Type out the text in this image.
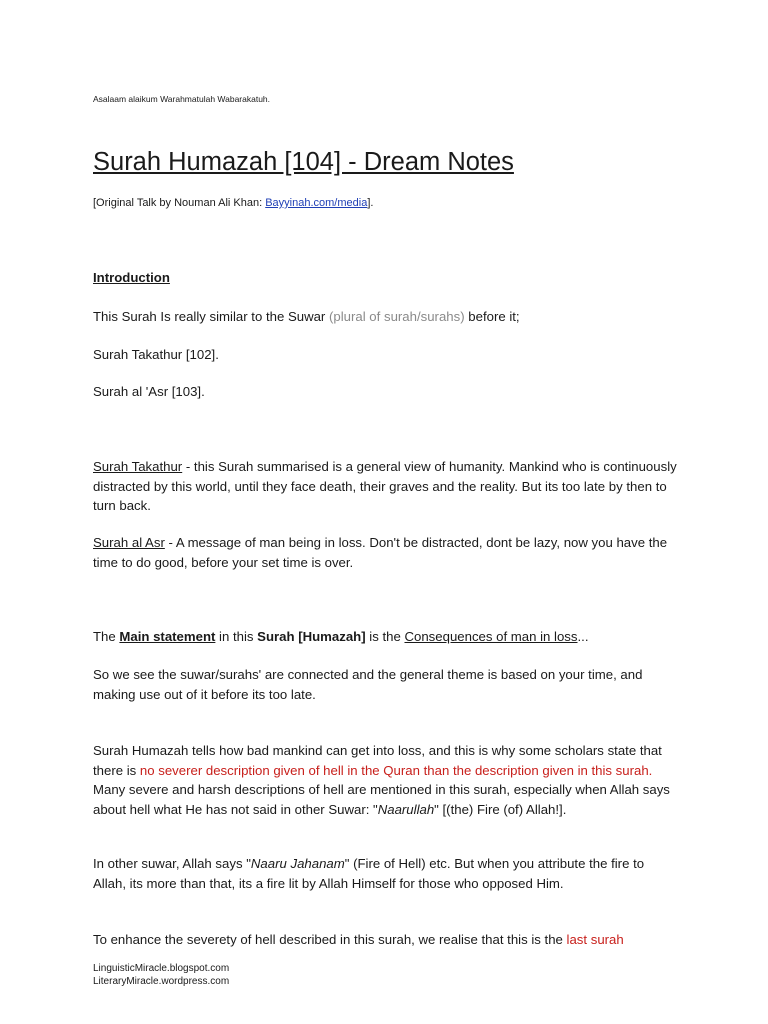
Asalaam alaikum Warahmatulah Wabarakatuh.
Surah Humazah [104] - Dream Notes
[Original Talk by Nouman Ali Khan: Bayyinah.com/media].
Introduction
This Surah Is really similar to the Suwar (plural of surah/surahs) before it;
Surah Takathur [102].
Surah al 'Asr [103].
Surah Takathur - this Surah summarised is a general view of humanity. Mankind who is continuously distracted by this world, until they face death, their graves and the reality. But its too late by then to turn back.
Surah al Asr - A message of man being in loss. Don't be distracted, dont be lazy, now you have the time to do good, before your set time is over.
The Main statement in this Surah [Humazah] is the Consequences of man in loss...
So we see the suwar/surahs' are connected and the general theme is based on your time, and making use out of it before its too late.
Surah Humazah tells how bad mankind can get into loss, and this is why some scholars state that there is no severer description given of hell in the Quran than the description given in this surah. Many severe and harsh descriptions of hell are mentioned in this surah, especially when Allah says about hell what He has not said in other Suwar: "Naarullah" [(the) Fire (of) Allah!].
In other suwar, Allah says "Naaru Jahanam" (Fire of Hell) etc. But when you attribute the fire to Allah, its more than that, its a fire lit by Allah Himself for those who opposed Him.
To enhance the severety of hell described in this surah, we realise that this is the last surah
LinguisticMiracle.blogspot.com
LiteraryMiracle.wordpress.com
